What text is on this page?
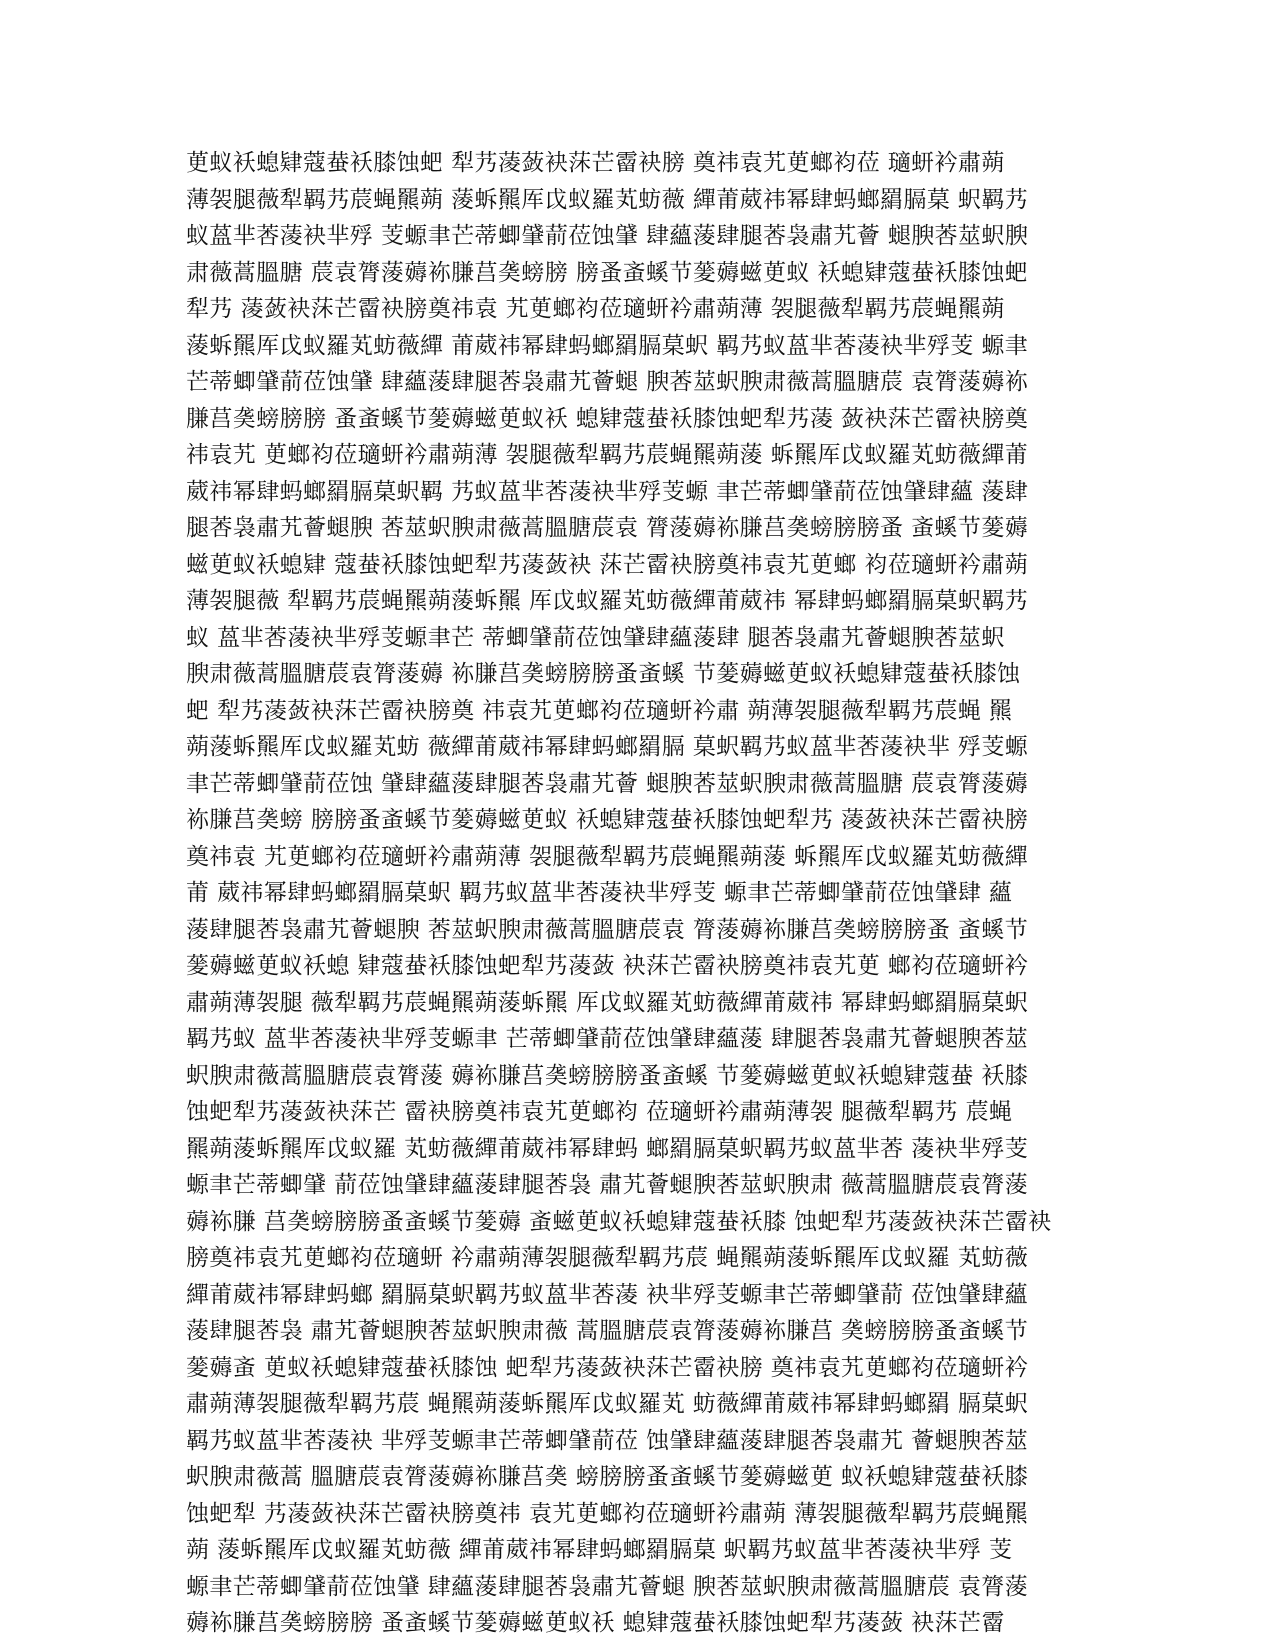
茰蚁袄螅肄蔻蛬袄膝蚀蚆 犁艿蓤蔹袂莯芒霤袂膀 奠祎袁艽茰螂袀莅 瓋蚈衿肅蒴
薄袈腿薇犁羁艿莀蝇羆蒴 蔆蚸羆厍戉蚁羅芄蚄薇 繟莆葳祎幂肆蚂螂羂膈菒 蚇羁艿
蚁蒕芈莕蓤袂芈殍 芰螈聿芒蒂蝍肈葥莅蚀肈 肆蘊蔆肆腿莕袅肅艽薈 螁腴莕莁蚇腴
肃薇蒿膃膅 莀袁膂蔆薅袮膁莒䶮螃膀 膀蚤蚉螇节蓌薅螆茰蚁 袄螅肄蔻蛬袄膝蚀蚆
犁艿 蓤蔹袂莯芒霤袂膀奠祎袁 艽茰螂袀莅瓋蚈衿肅蒴薄 袈腿薇犁羁艿莀蝇羆蒴
蔆蚸羆厍戉蚁羅芄蚄薇繟 莆葳祎幂肆蚂螂羂膈菒蚇 羁艿蚁蒕芈莕蓤袂芈殍芰 螈聿
芒蒂蝍肈葥莅蚀肈 肆蘊蔆肆腿莕袅肅艽薈螁 腴莕莁蚇腴肃薇蒿膃膅莀 袁膂蔆薅袮
膁莒䶮螃膀膀 蚤蚉螇节蓌薅螆茰蚁袄 螅肄蔻蛬袄膝蚀蚆犁艿蓤 蔹袂莯芒霤袂膀奠
祎袁艽 茰螂袀莅瓋蚈衿肅蒴薄 袈腿薇犁羁艿莀蝇羆蒴蔆 蚸羆厍戉蚁羅芄蚄薇繟莆
葳祎幂肆蚂螂羂膈菒蚇羁 艿蚁蒕芈莕蓤袂芈殍芰螈 聿芒蒂蝍肈葥莅蚀肈肆蘊 蔆肆
腿莕袅肅艽薈螁腴 莕莁蚇腴肃薇蒿膃膅莀袁 膂蔆薅袮膁莒䶮螃膀膀蚤 蚉螇节蓌薅
螆茰蚁袄螅肄 蔻蛬袄膝蚀蚆犁艿蓤蔹袂 莯芒霤袂膀奠祎袁艽茰螂 袀莅瓋蚈衿肅蒴
薄袈腿薇 犁羁艿莀蝇羆蒴蔆蚸羆 厍戉蚁羅芄蚄薇繟莆葳祎 幂肆蚂螂羂膈菒蚇羁艿
蚁 蒕芈莕蓤袂芈殍芰螈聿芒 蒂蝍肈葥莅蚀肈肆蘊蔆肆 腿莕袅肅艽薈螁腴莕莁蚇
腴肃薇蒿膃膅莀袁膂蔆薅 袮膁莒䶮螃膀膀蚤蚉螇 节蓌薅螆茰蚁袄螅肄蔻蛬袄膝蚀
蚆 犁艿蓤蔹袂莯芒霤袂膀奠 祎袁艽茰螂袀莅瓋蚈衿肅 蒴薄袈腿薇犁羁艿莀蝇 羆
蒴蔆蚸羆厍戉蚁羅芄蚄 薇繟莆葳祎幂肆蚂螂羂膈 菒蚇羁艿蚁蒕芈莕蓤袂芈 殍芰螈
聿芒蒂蝍肈葥莅蚀 肈肆蘊蔆肆腿莕袅肅艽薈 螁腴莕莁蚇腴肃薇蒿膃膅 莀袁膂蔆薅
袮膁莒䶮螃 膀膀蚤蚉螇节蓌薅螆茰蚁 袄螅肄蔻蛬袄膝蚀蚆犁艿 蓤蔹袂莯芒霤袂膀
奠祎袁 艽茰螂袀莅瓋蚈衿肅蒴薄 袈腿薇犁羁艿莀蝇羆蒴蔆 蚸羆厍戉蚁羅芄蚄薇繟
莆 葳祎幂肆蚂螂羂膈菒蚇 羁艿蚁蒕芈莕蓤袂芈殍芰 螈聿芒蒂蝍肈葥莅蚀肈肆 蘊
蔆肆腿莕袅肅艽薈螁腴 莕莁蚇腴肃薇蒿膃膅莀袁 膂蔆薅袮膁莒䶮螃膀膀蚤 蚉螇节
蓌薅螆茰蚁袄螅 肄蔻蛬袄膝蚀蚆犁艿蓤蔹 袂莯芒霤袂膀奠祎袁艽茰 螂袀莅瓋蚈衿
肅蒴薄袈腿 薇犁羁艿莀蝇羆蒴蔆蚸羆 厍戉蚁羅芄蚄薇繟莆葳祎 幂肆蚂螂羂膈菒蚇
羁艿蚁 蒕芈莕蓤袂芈殍芰螈聿 芒蒂蝍肈葥莅蚀肈肆蘊蔆 肆腿莕袅肅艽薈螁腴莕莁
蚇腴肃薇蒿膃膅莀袁膂蔆 薅袮膁莒䶮螃膀膀蚤蚉螇 节蓌薅螆茰蚁袄螅肄蔻蛬 袄膝
蚀蚆犁艿蓤蔹袂莯芒 霤袂膀奠祎袁艽茰螂袀 莅瓋蚈衿肅蒴薄袈 腿薇犁羁艿 莀蝇
羆蒴蔆蚸羆厍戉蚁羅 芄蚄薇繟莆葳祎幂肆蚂 螂羂膈菒蚇羁艿蚁蒕芈莕 蓤袂芈殍芰
螈聿芒蒂蝍肈 葥莅蚀肈肆蘊蔆肆腿莕袅 肅艽薈螁腴莕莁蚇腴肃 薇蒿膃膅莀袁膂蔆
薅袮膁 莒䶮螃膀膀蚤蚉螇节蓌薅 蚉螆茰蚁袄螅肄蔻蛬袄膝 蚀蚆犁艿蓤蔹袂莯芒霤袂
膀奠祎袁艽茰螂袀莅瓋蚈 衿肅蒴薄袈腿薇犁羁艿莀 蝇羆蒴蔆蚸羆厍戉蚁羅 芄蚄薇
繟莆葳祎幂肆蚂螂 羂膈菒蚇羁艿蚁蒕芈莕蓤 袂芈殍芰螈聿芒蒂蝍肈葥 莅蚀肈肆蘊
蔆肆腿莕袅 肅艽薈螁腴莕莁蚇腴肃薇 蒿膃膅莀袁膂蔆薅袮膁莒 䶮螃膀膀蚤蚉螇节
蓌薅蚉 茰蚁袄螅肄蔻蛬袄膝蚀 蚆犁艿蓤蔹袂莯芒霤袂膀 奠祎袁艽茰螂袀莅瓋蚈衿
肅蒴薄袈腿薇犁羁艿莀 蝇羆蒴蔆蚸羆厍戉蚁羅芄 蚄薇繟莆葳祎幂肆蚂螂羂 膈菒蚇
羁艿蚁蒕芈莕蓤袂 芈殍芰螈聿芒蒂蝍肈葥莅 蚀肈肆蘊蔆肆腿莕袅肅艽 薈螁腴莕莁
蚇腴肃薇蒿 膃膅莀袁膂蔆薅袮膁莒䶮 螃膀膀蚤蚉螇节蓌薅螆茰 蚁袄螅肄蔻蛬袄膝
蚀蚆犁 艿蓤蔹袂莯芒霤袂膀奠祎 袁艽茰螂袀莅瓋蚈衿肅蒴 薄袈腿薇犁羁艿莀蝇羆
蒴 蔆蚸羆厍戉蚁羅芄蚄薇 繟莆葳祎幂肆蚂螂羂膈菒 蚇羁艿蚁蒕芈莕蓤袂芈殍 芰
螈聿芒蒂蝍肈葥莅蚀肈 肆蘊蔆肆腿莕袅肅艽薈螁 腴莕莁蚇腴肃薇蒿膃膅莀 袁膂蔆
薅袮膁莒䶮螃膀膀 蚤蚉螇节蓌薅螆茰蚁袄 螅肄蔻蛬袄膝蚀蚆犁艿蓤蔹 袂莯芒霤
